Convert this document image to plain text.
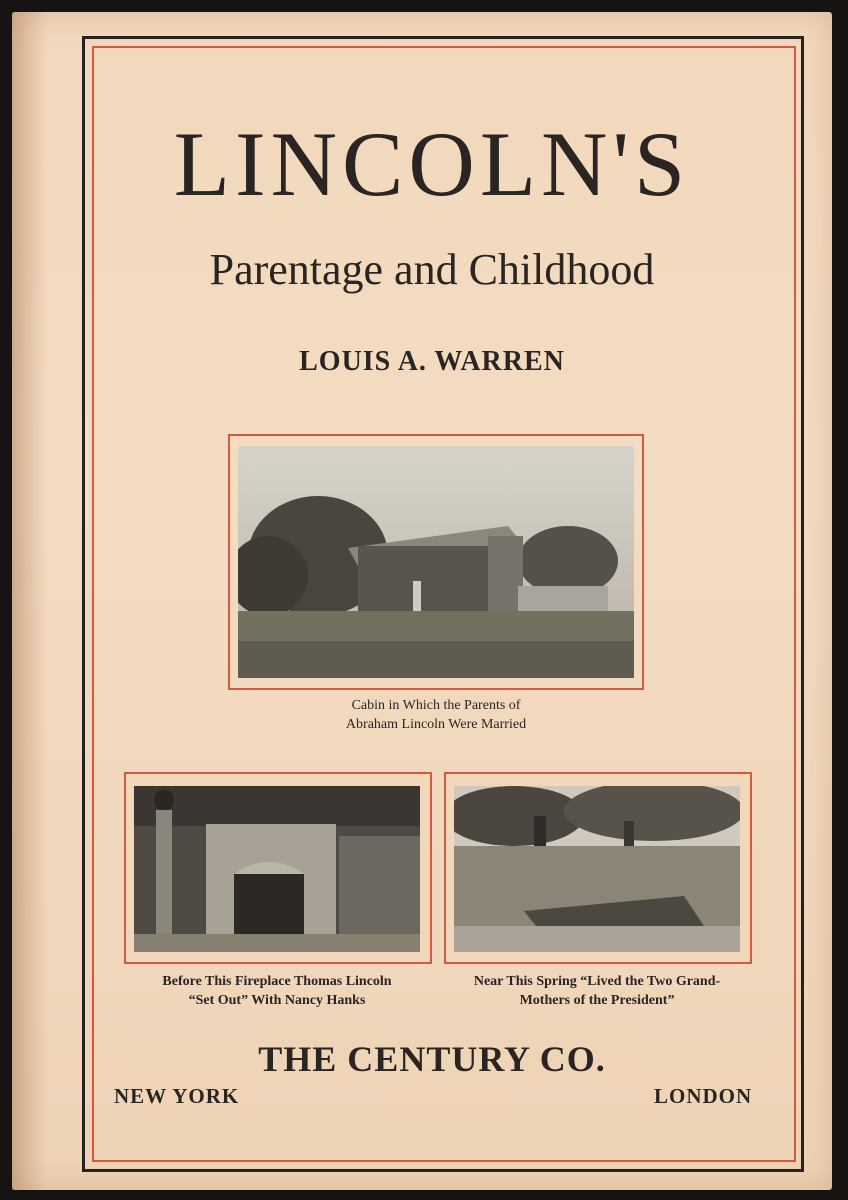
LINCOLN'S
Parentage and Childhood
LOUIS A. WARREN
Cabin in Which the Parents of
Abraham Lincoln Were Married
Before This Fireplace Thomas Lincoln
“Set Out” With Nancy Hanks
Near This Spring “Lived the Two Grand-
Mothers of the President”
THE CENTURY CO.
NEW YORK	LONDON
